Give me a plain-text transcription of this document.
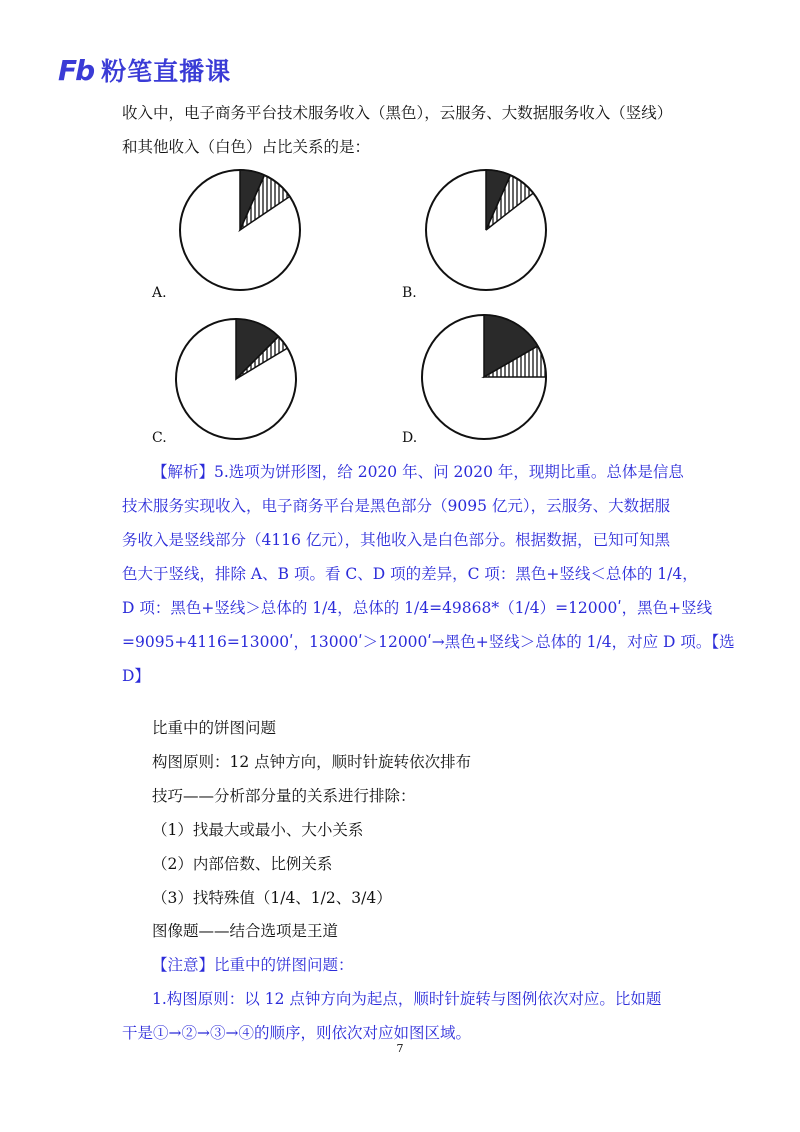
Fb 粉笔直播课
收入中，电子商务平台技术服务收入（黑色），云服务、大数据服务收入（竖线）
和其他收入（白色）占比关系的是：
A.	B.
C.	D.
【解析】5.选项为饼形图，给 2020 年、问 2020 年，现期比重。总体是信息
技术服务实现收入，电子商务平台是黑色部分（9095 亿元），云服务、大数据服
务收入是竖线部分（4116 亿元），其他收入是白色部分。根据数据，已知可知黑
色大于竖线，排除 A、B 项。看 C、D 项的差异，C 项：黑色+竖线＜总体的 1/4，
D 项：黑色+竖线＞总体的 1/4，总体的 1/4=49868*（1/4）=12000ʹ，黑色+竖线
=9095+4116=13000ʹ，13000ʹ＞12000ʹ→黑色+竖线＞总体的 1/4，对应 D 项。【选
D】
比重中的饼图问题
构图原则：12 点钟方向，顺时针旋转依次排布
技巧——分析部分量的关系进行排除：
（1）找最大或最小、大小关系
（2）内部倍数、比例关系
（3）找特殊值（1/4、1/2、3/4）
图像题——结合选项是王道
【注意】比重中的饼图问题：
1.构图原则：以 12 点钟方向为起点，顺时针旋转与图例依次对应。比如题
干是①→②→③→④的顺序，则依次对应如图区域。
7
